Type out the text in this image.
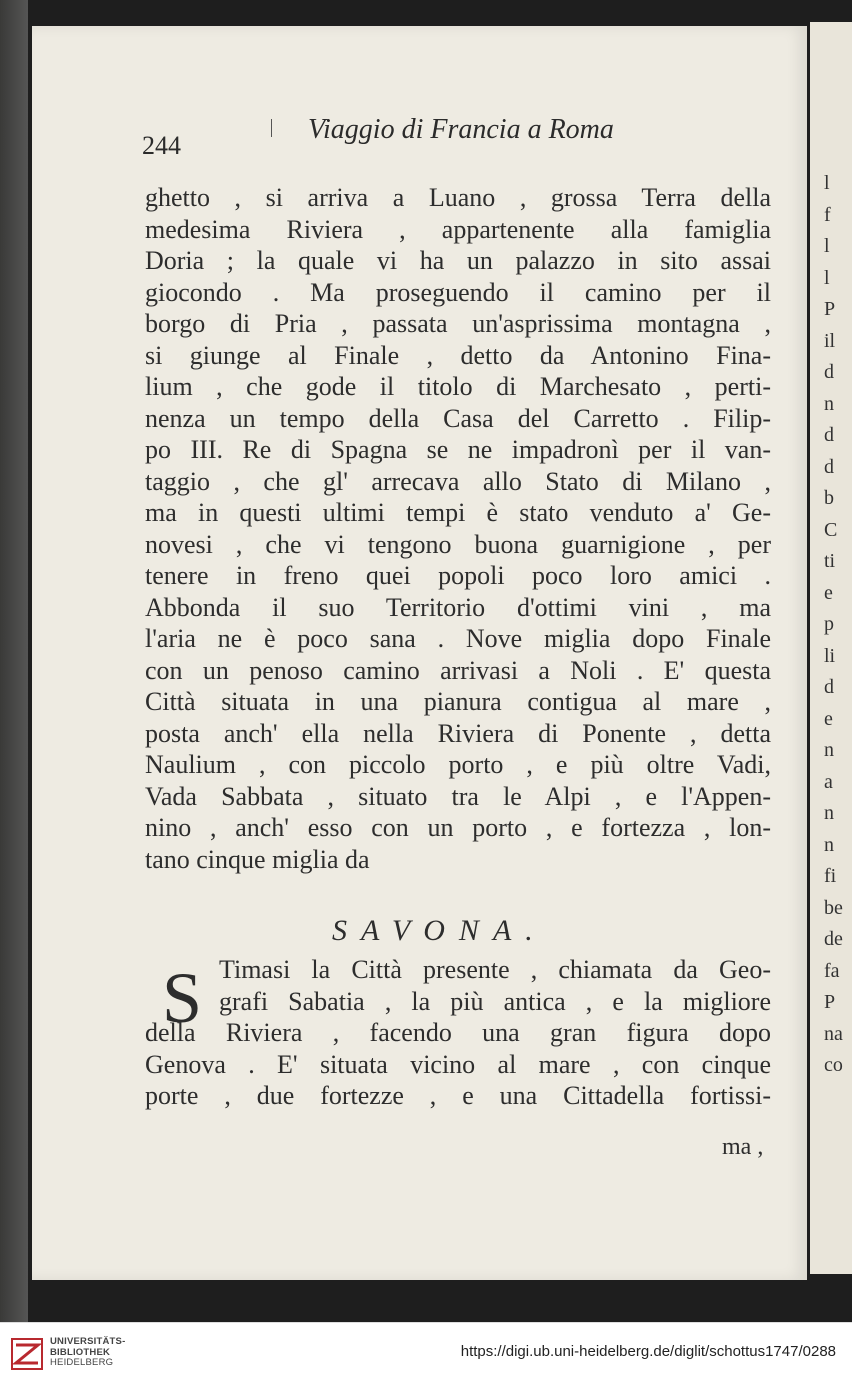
l
f
l
l
P
il
d
n
d
d
b
C
ti
e
p
li
d
e
n
a
n
n
fi
be
de
fa
P
na
co
244
Viaggio di Francia a Roma
ghetto , si arriva a Luano , grossa Terra della
medesima Riviera , appartenente alla famiglia
Doria ; la quale vi ha un palazzo in sito assai
giocondo . Ma proseguendo il camino per il
borgo di Pria , passata un'asprissima montagna ,
si giunge al Finale , detto da Antonino Fina-
lium , che gode il titolo di Marchesato , perti-
nenza un tempo della Casa del Carretto . Filip-
po III. Re di Spagna se ne impadronì per il van-
taggio , che gl' arrecava allo Stato di Milano ,
ma in questi ultimi tempi è stato venduto a' Ge-
novesi , che vi tengono buona guarnigione , per
tenere in freno quei popoli poco loro amici .
Abbonda il suo Territorio d'ottimi vini , ma
l'aria ne è poco sana . Nove miglia dopo Finale
con un penoso camino arrivasi a Noli . E' questa
Città situata in una pianura contigua al mare ,
posta anch' ella nella Riviera di Ponente , detta
Naulium , con piccolo porto , e più oltre Vadi,
Vada Sabbata , situato tra le Alpi , e l'Appen-
nino , anch' esso con un porto , e fortezza , lon-
tano cinque miglia da
SAVONA.
S Timasi la Città presente , chiamata da Geo-
grafi Sabatia , la più antica , e la migliore
della Riviera , facendo una gran figura dopo
Genova . E' situata vicino al mare , con cinque
porte , due fortezze , e una Cittadella fortissi-
ma ,
UNIVERSITÄTS-
BIBLIOTHEK
HEIDELBERG
https://digi.ub.uni-heidelberg.de/diglit/schottus1747/0288
